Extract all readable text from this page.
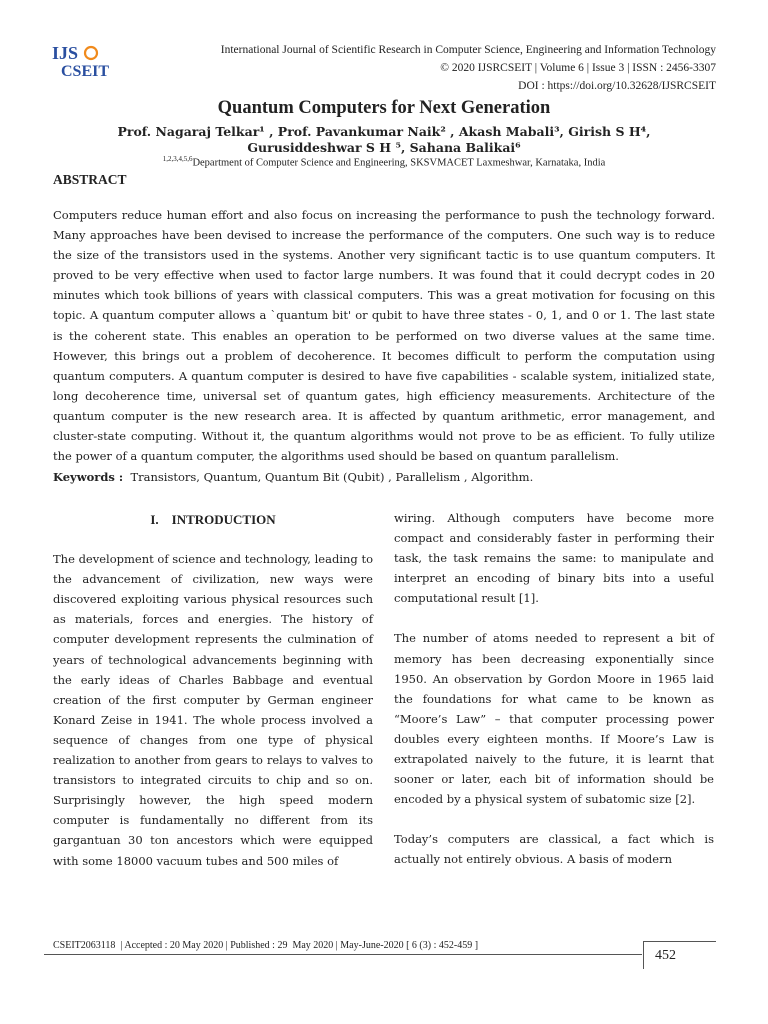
IJS
CSEIT
International Journal of Scientific Research in Computer Science, Engineering and Information Technology
© 2020 IJSRCSEIT | Volume 6 | Issue 3 | ISSN : 2456-3307
DOI : https://doi.org/10.32628/IJSRCSEIT
Quantum Computers for Next Generation
Prof. Nagaraj Telkar¹ , Prof. Pavankumar Naik² , Akash Mabali³, Girish S H⁴,
Gurusiddeshwar S H ⁵, Sahana Balikai⁶
$^{1,2,3,4,5,6}$Department of Computer Science and Engineering, SKSVMACET Laxmeshwar, Karnataka, India
ABSTRACT
Computers reduce human effort and also focus on increasing the performance to push the technology forward. Many approaches have been devised to increase the performance of the computers. One such way is to reduce the size of the transistors used in the systems. Another very significant tactic is to use quantum computers. It proved to be very effective when used to factor large numbers. It was found that it could decrypt codes in 20 minutes which took billions of years with classical computers. This was a great motivation for focusing on this topic. A quantum computer allows a `quantum bit' or qubit to have three states - 0, 1, and 0 or 1. The last state is the coherent state. This enables an operation to be performed on two diverse values at the same time. However, this brings out a problem of decoherence. It becomes difficult to perform the computation using quantum computers. A quantum computer is desired to have five capabilities - scalable system, initialized state, long decoherence time, universal set of quantum gates, high efficiency measurements. Architecture of the quantum computer is the new research area. It is affected by quantum arithmetic, error management, and cluster-state computing. Without it, the quantum algorithms would not prove to be as efficient. To fully utilize the power of a quantum computer, the algorithms used should be based on quantum parallelism.
Keywords :  Transistors, Quantum, Quantum Bit (Qubit) , Parallelism , Algorithm.

I.    INTRODUCTION

The development of science and technology, leading to the advancement of civilization, new ways were discovered exploiting various physical resources such as materials, forces and energies. The history of computer development represents the culmination of years of technological advancements beginning with the early ideas of Charles Babbage and eventual creation of the first computer by German engineer Konard Zeise in 1941. The whole process involved a sequence of changes from one type of physical realization to another from gears to relays to valves to transistors to integrated circuits to chip and so on. Surprisingly however, the high speed modern computer is fundamentally no different from its gargantuan 30 ton ancestors which were equipped with some 18000 vacuum tubes and 500 miles of

wiring. Although computers have become more compact and considerably faster in performing their task, the task remains the same: to manipulate and interpret an encoding of binary bits into a useful computational result [1].

The number of atoms needed to represent a bit of memory has been decreasing exponentially since 1950. An observation by Gordon Moore in 1965 laid the foundations for what came to be known as “Moore’s Law” – that computer processing power doubles every eighteen months. If Moore’s Law is extrapolated naively to the future, it is learnt that sooner or later, each bit of information should be encoded by a physical system of subatomic size [2].

Today’s computers are classical, a fact which is actually not entirely obvious. A basis of modern

CSEIT2063118  | Accepted : 20 May 2020 | Published : 29  May 2020 | May-June-2020 [ 6 (3) : 452-459 ]
452
